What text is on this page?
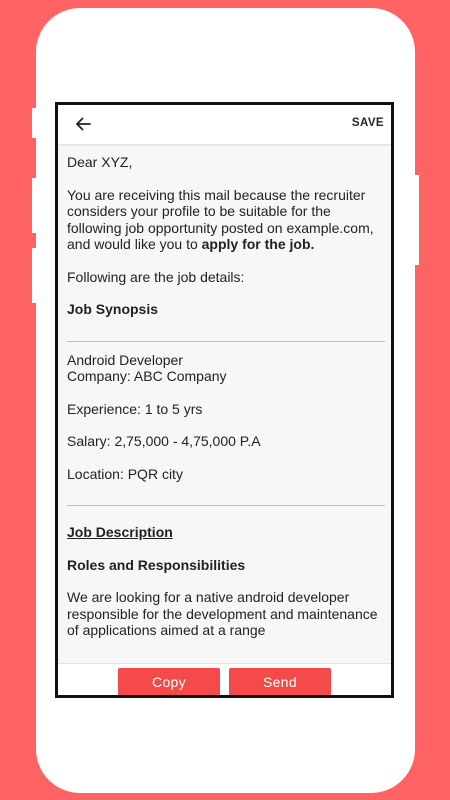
SAVE

Dear XYZ,

You are receiving this mail because the recruiter considers your profile to be suitable for the following job opportunity posted on example.com, and would like you to apply for the job.

Following are the job details:

Job Synopsis

Android Developer

Company: ABC Company

Experience: 1 to 5 yrs

Salary: 2,75,000 - 4,75,000 P.A

Location: PQR city

Job Description

Roles and Responsibilities

We are looking for a native android developer responsible for the development and maintenance of applications aimed at a range

Copy	Send
